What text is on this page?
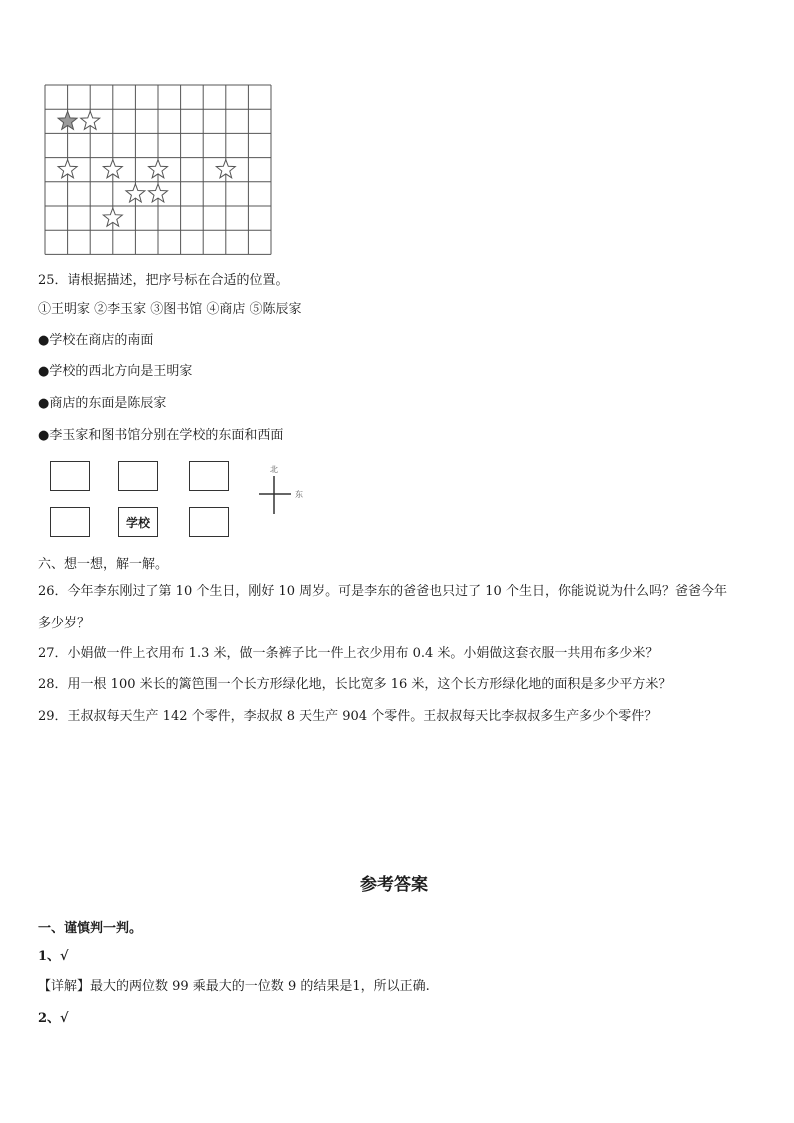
25．请根据描述，把序号标在合适的位置。
①王明家 ②李玉家 ③图书馆 ④商店 ⑤陈辰家
●学校在商店的南面
●学校的西北方向是王明家
●商店的东面是陈辰家
●李玉家和图书馆分别在学校的东面和西面
学校
北
东
六、想一想，解一解。
26．今年李东刚过了第 10 个生日，刚好 10 周岁。可是李东的爸爸也只过了 10 个生日，你能说说为什么吗？爸爸今年
多少岁？
27．小娟做一件上衣用布 1.3 米，做一条裤子比一件上衣少用布 0.4 米。小娟做这套衣服一共用布多少米？
28．用一根 100 米长的篱笆围一个长方形绿化地，长比宽多 16 米，这个长方形绿化地的面积是多少平方米？
29．王叔叔每天生产 142 个零件，李叔叔 8 天生产 904 个零件。王叔叔每天比李叔叔多生产多少个零件？
参考答案
一、谨慎判一判。
1、√
【详解】最大的两位数 99 乘最大的一位数 9 的结果是1，所以正确.
2、√
